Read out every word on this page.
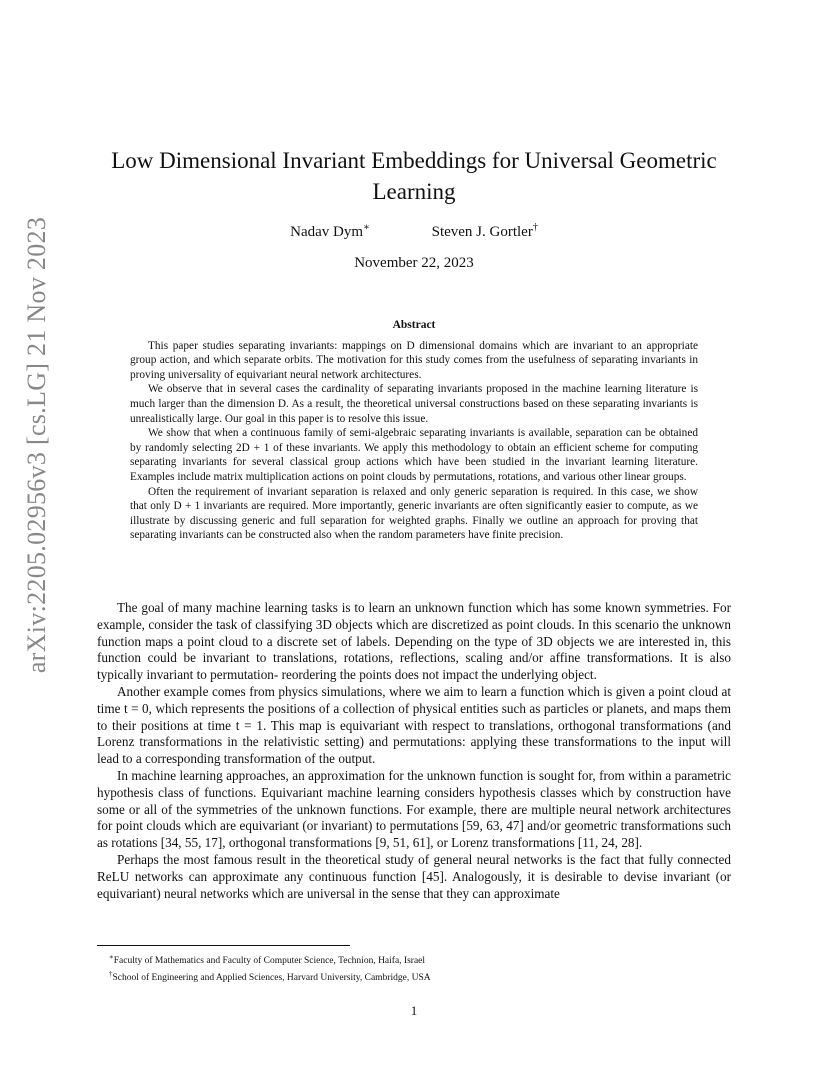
arXiv:2205.02956v3 [cs.LG] 21 Nov 2023
Low Dimensional Invariant Embeddings for Universal Geometric Learning
Nadav Dym∗	Steven J. Gortler†
November 22, 2023
Abstract

This paper studies separating invariants: mappings on D dimensional domains which are invariant to an appropriate group action, and which separate orbits. The motivation for this study comes from the usefulness of separating invariants in proving universality of equivariant neural network architectures.

We observe that in several cases the cardinality of separating invariants proposed in the machine learning literature is much larger than the dimension D. As a result, the theoretical universal constructions based on these separating invariants is unrealistically large. Our goal in this paper is to resolve this issue.

We show that when a continuous family of semi-algebraic separating invariants is available, separation can be obtained by randomly selecting 2D + 1 of these invariants. We apply this methodology to obtain an efficient scheme for computing separating invariants for several classical group actions which have been studied in the invariant learning literature. Examples include matrix multiplication actions on point clouds by permutations, rotations, and various other linear groups.

Often the requirement of invariant separation is relaxed and only generic separation is required. In this case, we show that only D + 1 invariants are required. More importantly, generic invariants are often significantly easier to compute, as we illustrate by discussing generic and full separation for weighted graphs. Finally we outline an approach for proving that separating invariants can be constructed also when the random parameters have finite precision.

The goal of many machine learning tasks is to learn an unknown function which has some known symmetries. For example, consider the task of classifying 3D objects which are discretized as point clouds. In this scenario the unknown function maps a point cloud to a discrete set of labels. Depending on the type of 3D objects we are interested in, this function could be invariant to translations, rotations, reflections, scaling and/or affine transformations. It is also typically invariant to permutation- reordering the points does not impact the underlying object.

Another example comes from physics simulations, where we aim to learn a function which is given a point cloud at time t = 0, which represents the positions of a collection of physical entities such as particles or planets, and maps them to their positions at time t = 1. This map is equivariant with respect to translations, orthogonal transformations (and Lorenz transformations in the relativistic setting) and permutations: applying these transformations to the input will lead to a corresponding transformation of the output.

In machine learning approaches, an approximation for the unknown function is sought for, from within a parametric hypothesis class of functions. Equivariant machine learning considers hypothesis classes which by construction have some or all of the symmetries of the unknown functions. For example, there are multiple neural network architectures for point clouds which are equivariant (or invariant) to permutations [59, 63, 47] and/or geometric transformations such as rotations [34, 55, 17], orthogonal transformations [9, 51, 61], or Lorenz transformations [11, 24, 28].

Perhaps the most famous result in the theoretical study of general neural networks is the fact that fully connected ReLU networks can approximate any continuous function [45]. Analogously, it is desirable to devise invariant (or equivariant) neural networks which are universal in the sense that they can approximate

∗Faculty of Mathematics and Faculty of Computer Science, Technion, Haifa, Israel
†School of Engineering and Applied Sciences, Harvard University, Cambridge, USA
1
